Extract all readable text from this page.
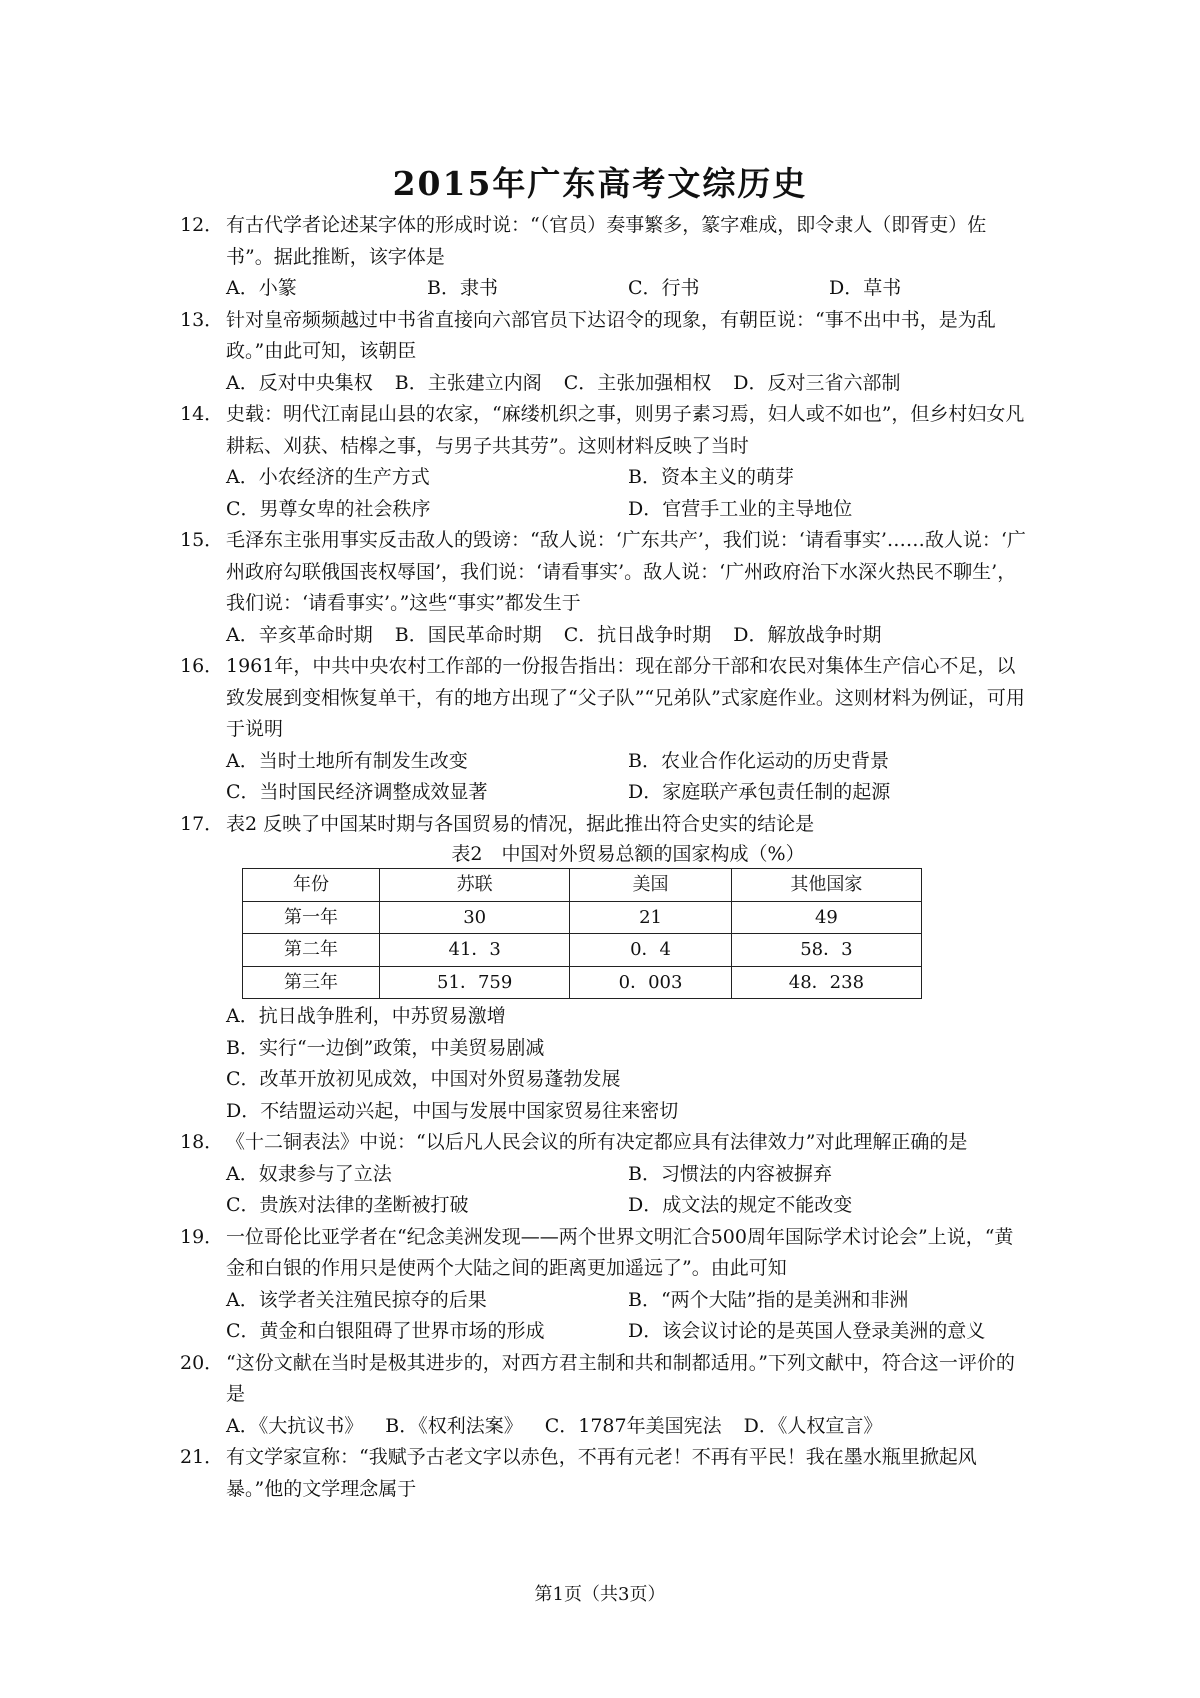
2015年广东高考文综历史
12． 有古代学者论述某字体的形成时说：“（官员）奏事繁多，篆字难成，即令隶人（即胥吏）佐书”。据此推断，该字体是

A．小篆	B．隶书	C．行书	D．草书
13． 针对皇帝频频越过中书省直接向六部官员下达诏令的现象，有朝臣说：“事不出中书，是为乱政。”由此可知，该朝臣

A．反对中央集权 B．主张建立内阁 C．主张加强相权 D．反对三省六部制
14． 史载：明代江南昆山县的农家，“麻缕机织之事，则男子素习焉，妇人或不如也”，但乡村妇女凡耕耘、刈获、桔槔之事，与男子共其劳”。这则材料反映了当时

A．小农经济的生产方式	B．资本主义的萌芽
C．男尊女卑的社会秩序	D．官营手工业的主导地位
15． 毛泽东主张用事实反击敌人的毁谤：“敌人说：‘广东共产’，我们说：‘请看事实’……敌人说：‘广州政府勾联俄国丧权辱国’，我们说：‘请看事实’。敌人说：‘广州政府治下水深火热民不聊生’，我们说：‘请看事实’。”这些“事实”都发生于

A．辛亥革命时期 B．国民革命时期 C．抗日战争时期 D．解放战争时期
16． 1961年，中共中央农村工作部的一份报告指出：现在部分干部和农民对集体生产信心不足，以致发展到变相恢复单干，有的地方出现了“父子队”“兄弟队”式家庭作业。这则材料为例证，可用于说明

A．当时土地所有制发生改变	B．农业合作化运动的历史背景
C．当时国民经济调整成效显著	D．家庭联产承包责任制的起源
17． 表2 反映了中国某时期与各国贸易的情况，据此推出符合史实的结论是

表2　中国对外贸易总额的国家构成（%）
年份	苏联	美国	其他国家
第一年	30	21	49
第二年	41．3	0．4	58．3
第三年	51．759	0．003	48．238
A．抗日战争胜利，中苏贸易激增
B．实行“一边倒”政策，中美贸易剧减
C．改革开放初见成效，中国对外贸易蓬勃发展
D．不结盟运动兴起，中国与发展中国家贸易往来密切
18． 《十二铜表法》中说：“以后凡人民会议的所有决定都应具有法律效力”对此理解正确的是

A．奴隶参与了立法	B．习惯法的内容被摒弃
C．贵族对法律的垄断被打破	D．成文法的规定不能改变
19． 一位哥伦比亚学者在“纪念美洲发现——两个世界文明汇合500周年国际学术讨论会”上说，“黄金和白银的作用只是使两个大陆之间的距离更加遥远了”。由此可知

A．该学者关注殖民掠夺的后果	B．“两个大陆”指的是美洲和非洲
C．黄金和白银阻碍了世界市场的形成	D．该会议讨论的是英国人登录美洲的意义
20． “这份文献在当时是极其进步的，对西方君主制和共和制都适用。”下列文献中，符合这一评价的是

A．《大抗议书》 B．《权利法案》 C．1787年美国宪法 D．《人权宣言》
21． 有文学家宣称：“我赋予古老文字以赤色，不再有元老！不再有平民！我在墨水瓶里掀起风暴。”他的文学理念属于

第1页（共3页）
